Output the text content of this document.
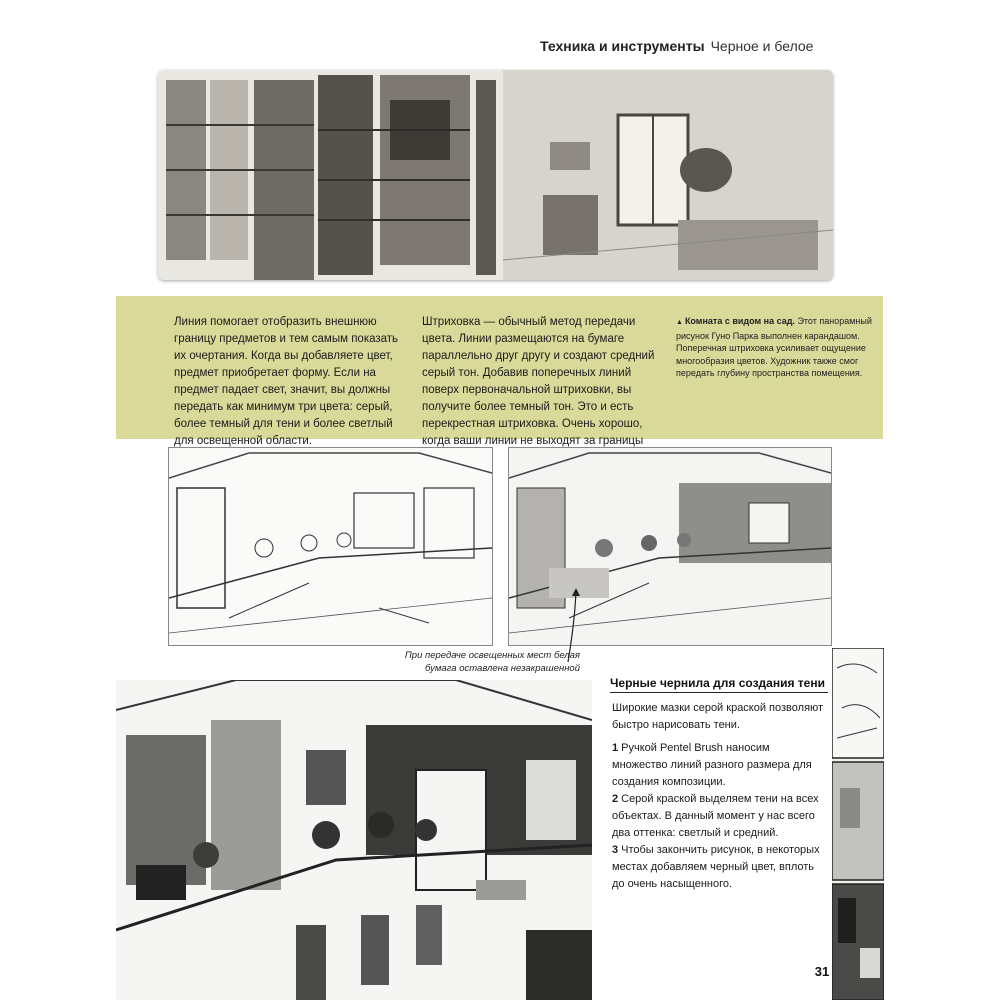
Техника и инструменты Черное и белое
Линия помогает отобразить внешнюю границу предметов и тем самым показать их очертания. Когда вы добавляете цвет, предмет приобретает форму. Если на предмет падает свет, значит, вы должны передать как минимум три цвета: серый, более темный для тени и более светлый для освещенной области.
Штриховка — обычный метод передачи цвета. Линии размещаются на бумаге параллельно друг другу и создают средний серый тон. Добавив поперечных линий поверх первоначальной штриховки, вы получите более темный тон. Это и есть перекрестная штриховка. Очень хорошо, когда ваши линии не выходят за границы
▲ Комната с видом на сад. Этот панорамный рисунок Гуно Парка выполнен карандашом. Поперечная штриховка усиливает ощущение многообразия цветов. Художник также смог передать глубину пространства помещения.
При передаче освещенных мест белая бумага оставлена незакрашенной
Черные чернила для создания тени
Широкие мазки серой краской позволяют быстро нарисовать тени.
1 Ручкой Pentel Brush наносим множество линий разного размера для создания композиции.
2 Серой краской выделяем тени на всех объектах. В данный момент у нас всего два оттенка: светлый и средний.
3 Чтобы закончить рисунок, в некоторых местах добавляем черный цвет, вплоть до очень насыщенного.
31
